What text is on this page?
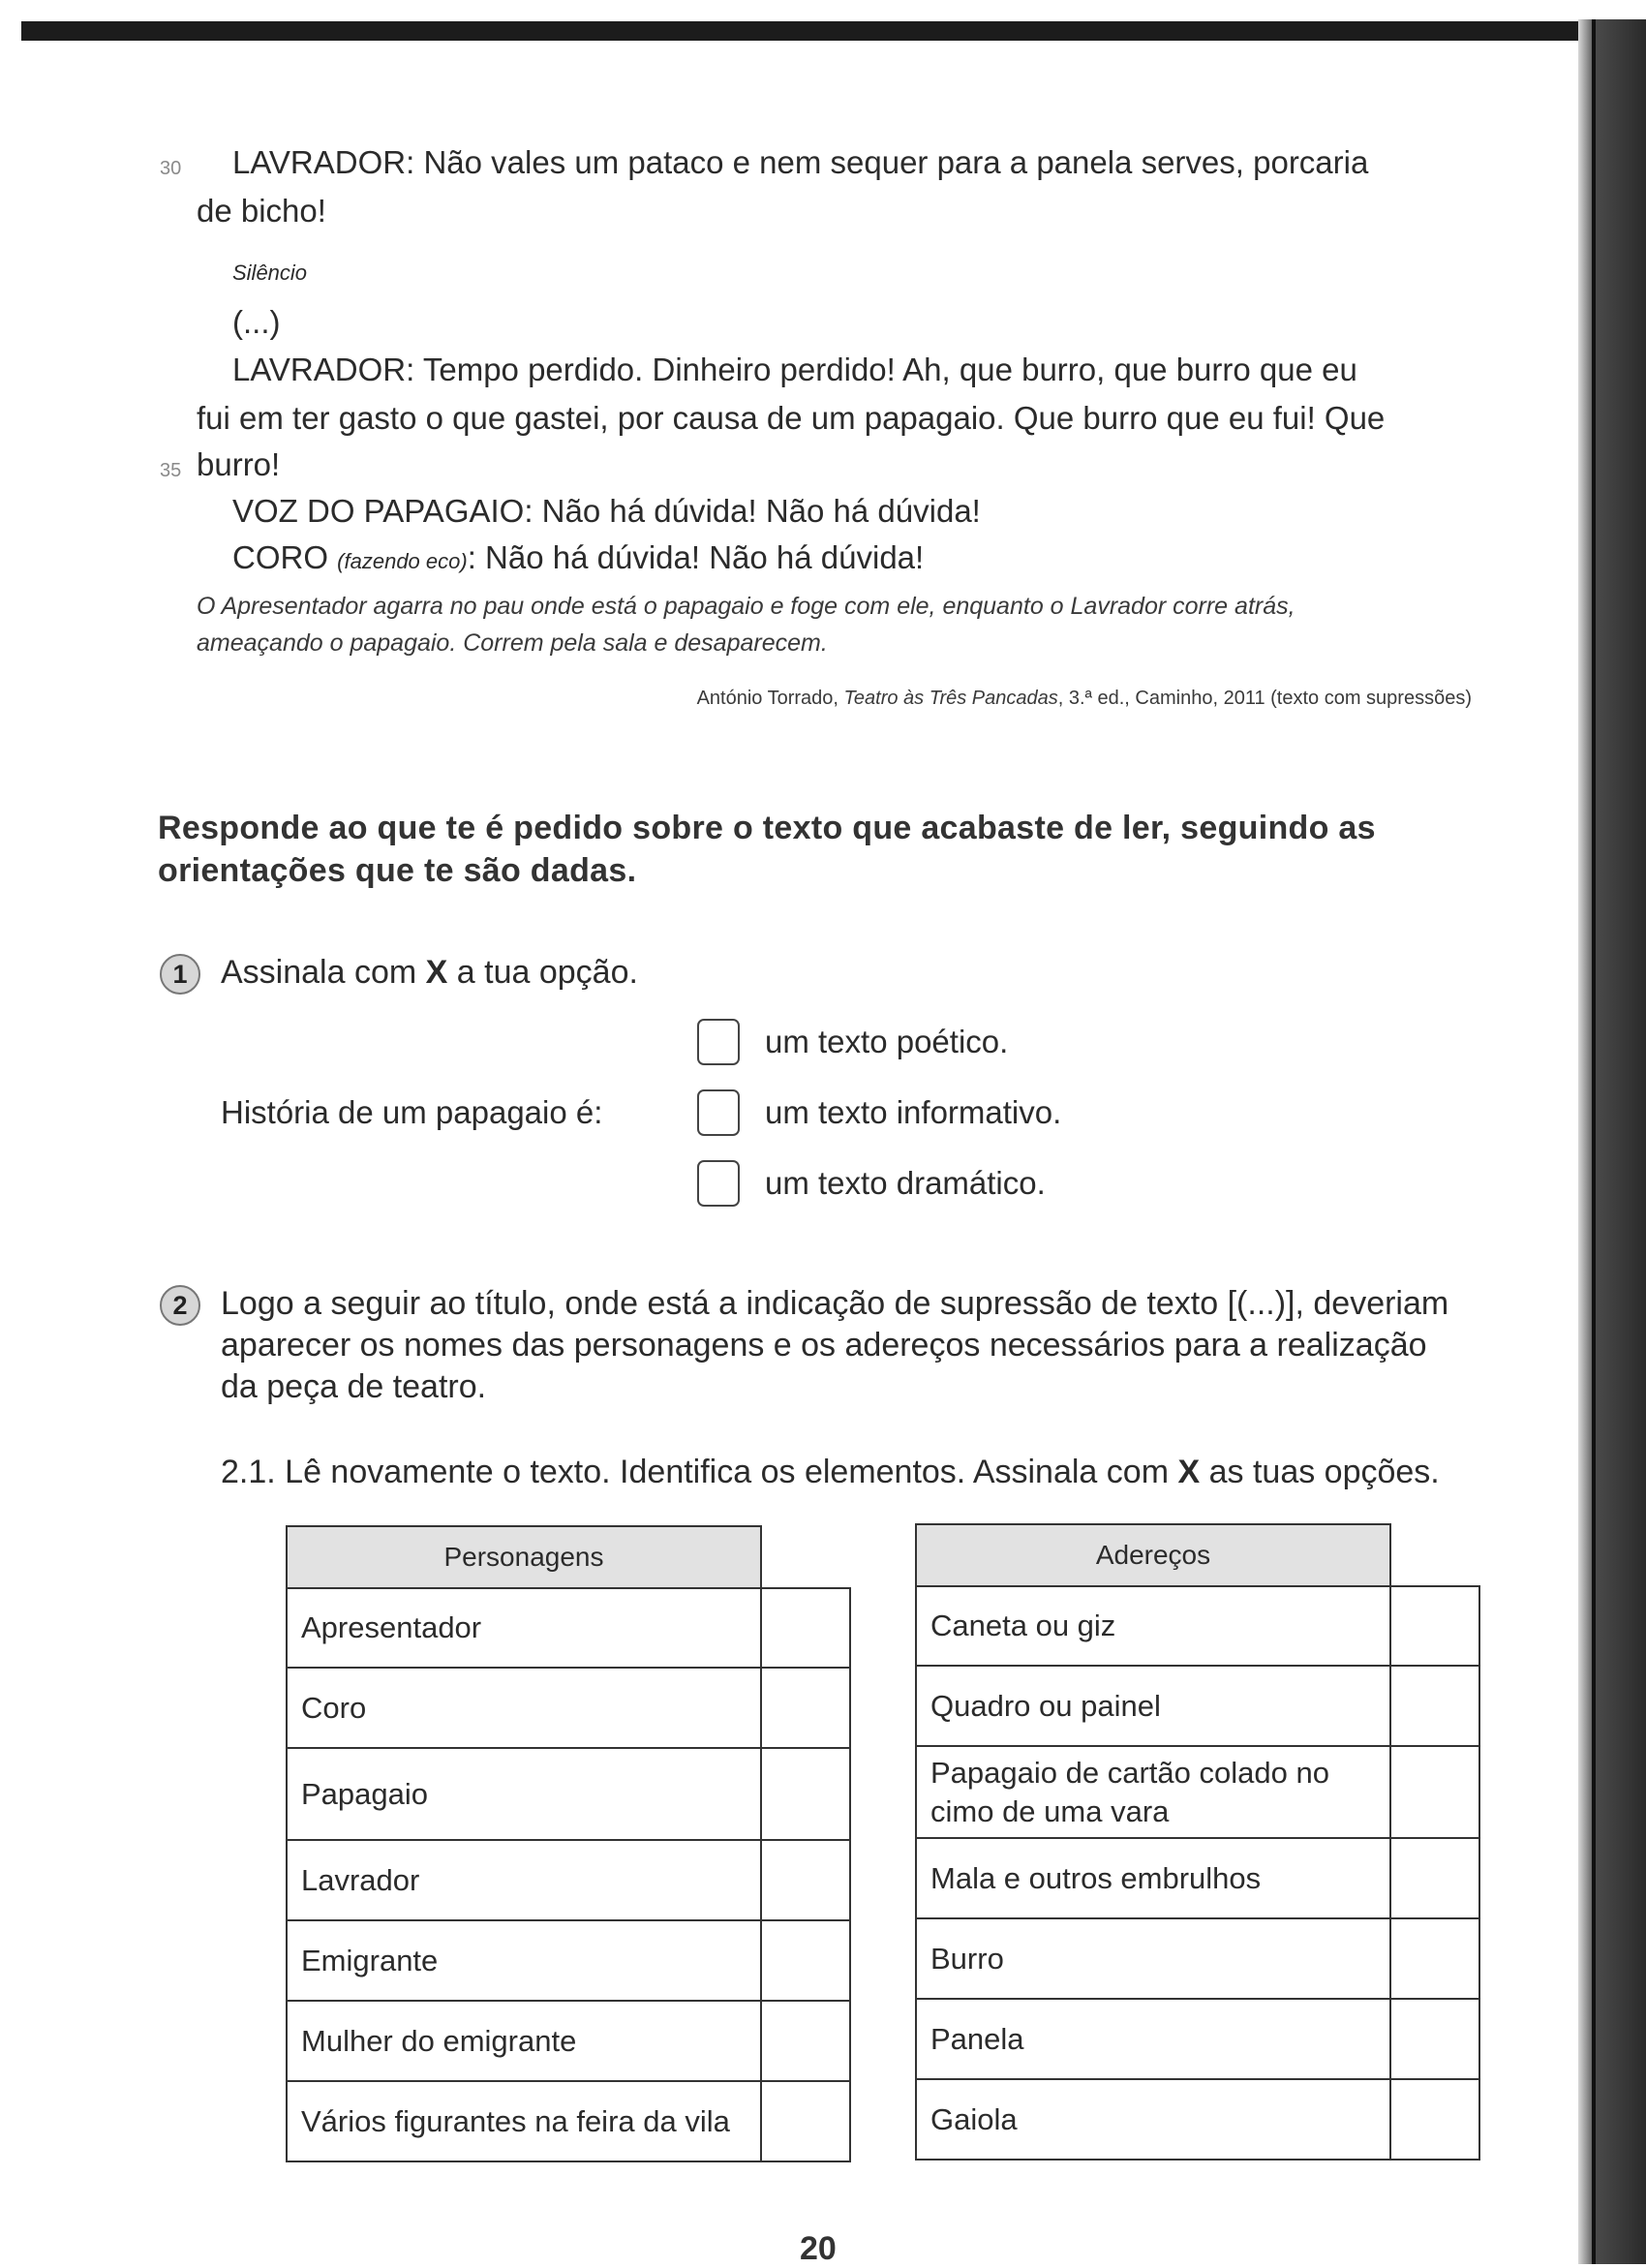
30 LAVRADOR: Não vales um pataco e nem sequer para a panela serves, porcaria
de bicho!
Silêncio
(...)
LAVRADOR: Tempo perdido. Dinheiro perdido! Ah, que burro, que burro que eu
fui em ter gasto o que gastei, por causa de um papagaio. Que burro que eu fui! Que
35 burro!
VOZ DO PAPAGAIO: Não há dúvida! Não há dúvida!
CORO (fazendo eco): Não há dúvida! Não há dúvida!
O Apresentador agarra no pau onde está o papagaio e foge com ele, enquanto o Lavrador corre atrás,
ameaçando o papagaio. Correm pela sala e desaparecem.
António Torrado, Teatro às Três Pancadas, 3.ª ed., Caminho, 2011 (texto com supressões)
Responde ao que te é pedido sobre o texto que acabaste de ler, seguindo as orientações que te são dadas.
1	Assinala com X a tua opção.
História de um papagaio é:
um texto poético.
um texto informativo.
um texto dramático.
2	Logo a seguir ao título, onde está a indicação de supressão de texto [(...)], deveriam
aparecer os nomes das personagens e os adereços necessários para a realização
da peça de teatro.
2.1. Lê novamente o texto. Identifica os elementos. Assinala com X as tuas opções.
Personagens	
Apresentador	
Coro	
Papagaio	
Lavrador	
Emigrante	
Mulher do emigrante	
Vários figurantes na feira da vila	
Adereços	
Caneta ou giz	
Quadro ou painel	
Papagaio de cartão colado no cimo de uma vara	
Mala e outros embrulhos	
Burro	
Panela	
Gaiola	
20
